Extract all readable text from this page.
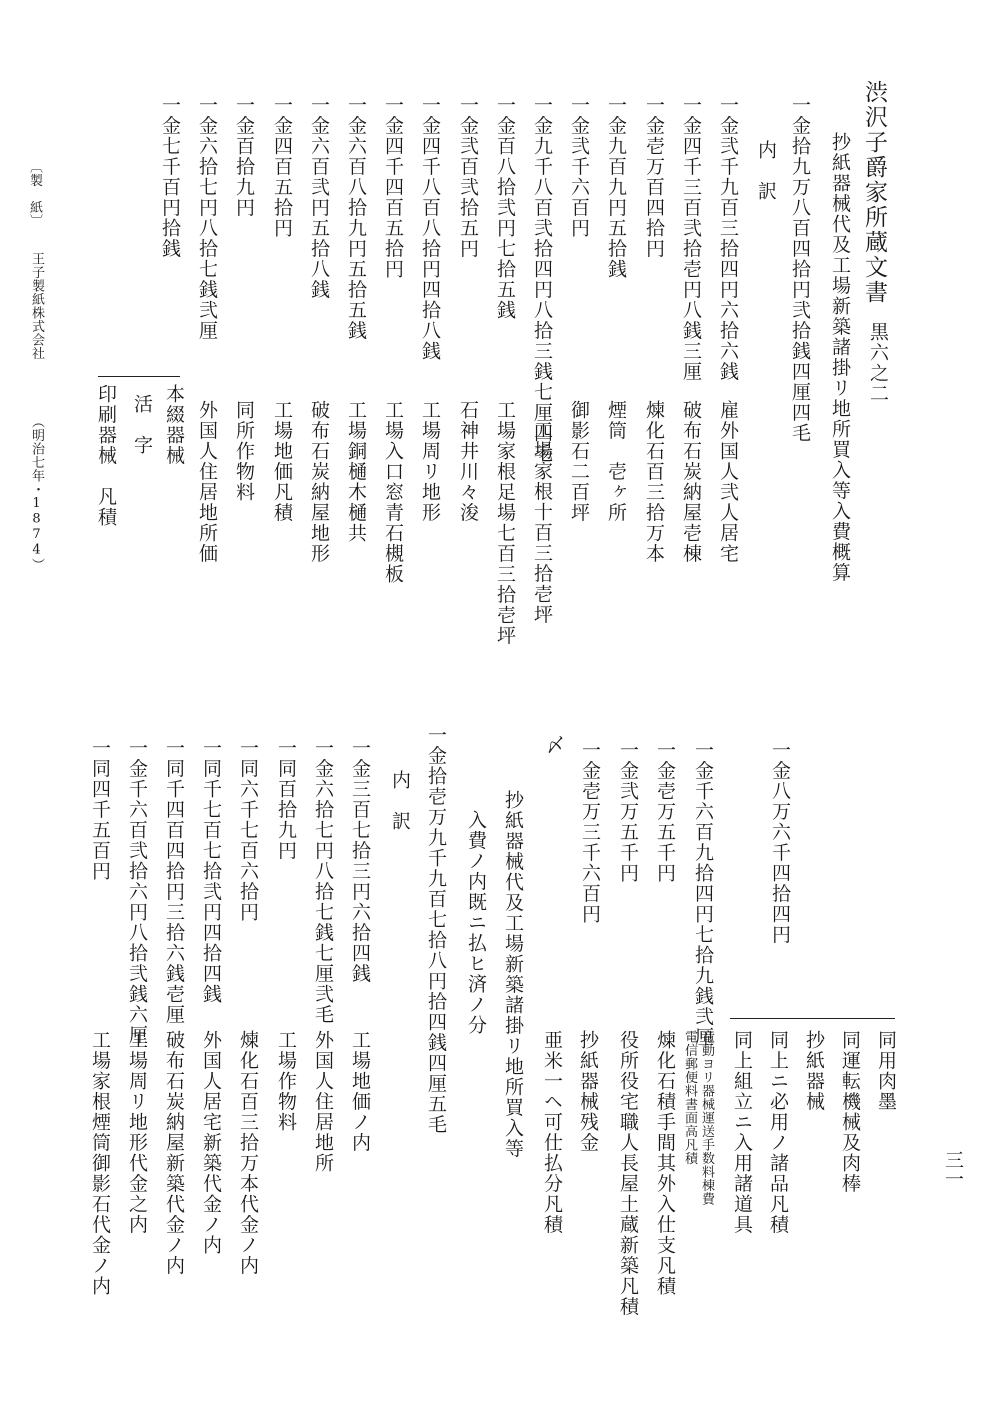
渋沢子爵家所蔵文書
黒六之二
抄紙器械代及工場新築諸掛リ地所買入等入費概算
一金拾九万八百四拾円弐拾銭四厘四毛
内　訳
一金弐千九百三拾四円六拾六銭
雇外国人弐人居宅
一金四千三百弐拾壱円八銭三厘
破布石炭納屋壱棟
一金壱万百四拾円
煉化石百三拾万本
一金九百九円五拾銭
煙筒　壱ヶ所
一金弐千六百円
御影石二百坪
一金九千八百弐拾四円八拾三銭七厘四毛
工場家根十百三拾壱坪
一金百八拾弐円七拾五銭
工場家根足場七百三拾壱坪
一金弐百弐拾五円
石神井川々浚
一金四千八百八拾円四拾八銭
工場周リ地形
一金四千四百五拾円
工場入口窓青石槻板
一金六百八拾九円五拾五銭
工場銅樋木樋共
一金六百弐円五拾八銭
破布石炭納屋地形
一金四百五拾円
工場地価凡積
一金百拾九円
同所作物料
一金六拾七円八拾七銭弐厘
外国人住居地所価
一金七千百円拾銭
本綴器械
活　字
印刷器械　凡積
〔製　紙〕
王子製紙株式会社
（明治七年・1874）
一金八万六千四拾四円
同用肉墨
同運転機械及肉棒
抄紙器械
同上ニ必用ノ諸品凡積
同上組立ニ入用諸道具
一金千六百九拾四円七拾九銭弐厘
竜動ヨリ器械運送手数料棟費
電信郵便料書面高凡積
一金壱万五千円
煉化石積手間其外入仕支凡積
一金弐万五千円
役所役宅職人長屋土蔵新築凡積
一金壱万三千六百円
抄紙器械残金
〆
亜米一ヘ可仕払分凡積
抄紙器械代及工場新築諸掛リ地所買入等
入費ノ内既ニ払ヒ済ノ分
一金拾壱万九千九百七拾八円拾四銭四厘五毛
内　訳
一金三百七拾三円六拾四銭
工場地価ノ内
一金六拾七円八拾七銭七厘弐毛
外国人住居地所
一同百拾九円
工場作物料
一同六千七百六拾円
煉化石百三拾万本代金ノ内
一同千七百七拾弐円四拾四銭
外国人居宅新築代金ノ内
一同千四百四拾円三拾六銭壱厘
破布石炭納屋新築代金ノ内
一金千六百弐拾六円八拾弐銭六厘
工場周リ地形代金之内
一同四千五百円
工場家根煙筒御影石代金ノ内	三一
